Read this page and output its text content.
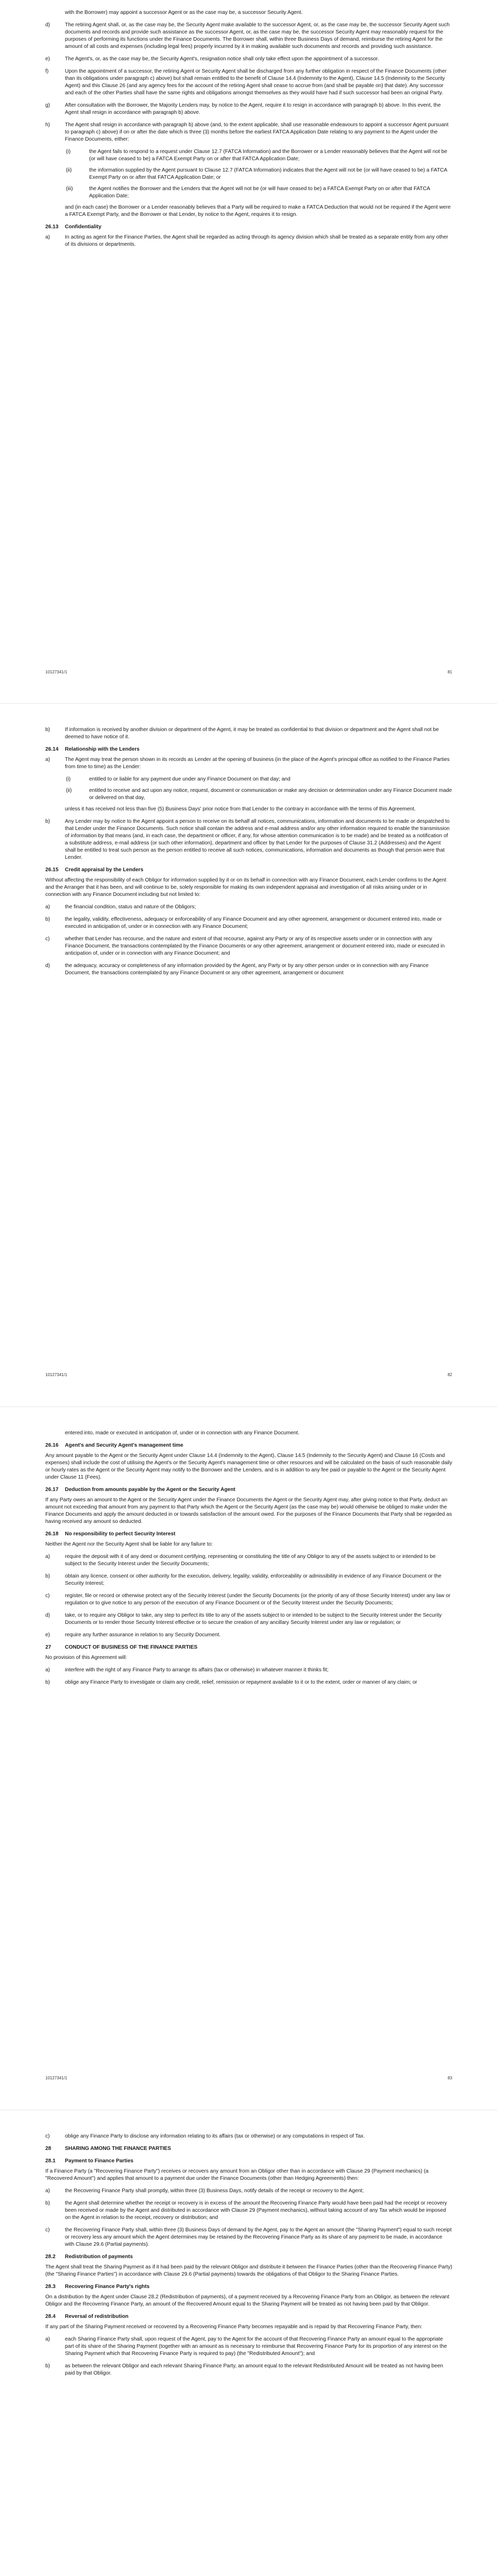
with the Borrower) may appoint a successor Agent or as the case may be, a successor Security Agent.
d)	The retiring Agent shall, or, as the case may be, the Security Agent make available to the successor Agent, or, as the case may be, the successor Security Agent such documents and records and provide such assistance as the successor Agent, or, as the case may be, the successor Security Agent may reasonably request for the purposes of performing its functions under the Finance Documents. The Borrower shall, within three Business Days of demand, reimburse the retiring Agent for the amount of all costs and expenses (including legal fees) properly incurred by it in making available such documents and records and providing such assistance.
e)	The Agent's, or, as the case may be, the Security Agent's, resignation notice shall only take effect upon the appointment of a successor.
f)	Upon the appointment of a successor, the retiring Agent or Security Agent shall be discharged from any further obligation in respect of the Finance Documents (other than its obligations under paragraph c) above) but shall remain entitled to the benefit of Clause 14.4 (Indemnity to the Agent), Clause 14.5 (Indemnity to the Security Agent) and this Clause 26 (and any agency fees for the account of the retiring Agent shall cease to accrue from (and shall be payable on) that date). Any successor and each of the other Parties shall have the same rights and obligations amongst themselves as they would have had if such successor had been an original Party.
g)	After consultation with the Borrower, the Majority Lenders may, by notice to the Agent, require it to resign in accordance with paragraph b) above. In this event, the Agent shall resign in accordance with paragraph b) above.
h)	The Agent shall resign in accordance with paragraph b) above (and, to the extent applicable, shall use reasonable endeavours to appoint a successor Agent pursuant to paragraph c) above) if on or after the date which is three (3) months before the earliest FATCA Application Date relating to any payment to the Agent under the Finance Documents, either:
(i)	the Agent fails to respond to a request under Clause 12.7 (FATCA Information) and the Borrower or a Lender reasonably believes that the Agent will not be (or will have ceased to be) a FATCA Exempt Party on or after that FATCA Application Date;
(ii)	the information supplied by the Agent pursuant to Clause 12.7 (FATCA Information) indicates that the Agent will not be (or will have ceased to be) a FATCA Exempt Party on or after that FATCA Application Date; or
(iii)	the Agent notifies the Borrower and the Lenders that the Agent will not be (or will have ceased to be) a FATCA Exempt Party on or after that FATCA Application Date;
and (in each case) the Borrower or a Lender reasonably believes that a Party will be required to make a FATCA Deduction that would not be required if the Agent were a FATCA Exempt Party, and the Borrower or that Lender, by notice to the Agent, requires it to resign.
26.13	Confidentiality
a)	In acting as agent for the Finance Parties, the Agent shall be regarded as acting through its agency division which shall be treated as a separate entity from any other of its divisions or departments.
10127341/1	81
b)	If information is received by another division or department of the Agent, it may be treated as confidential to that division or department and the Agent shall not be deemed to have notice of it.
26.14	Relationship with the Lenders
a)	The Agent may treat the person shown in its records as Lender at the opening of business (in the place of the Agent's principal office as notified to the Finance Parties from time to time) as the Lender:
(i)	entitled to or liable for any payment due under any Finance Document on that day; and
(ii)	entitled to receive and act upon any notice, request, document or communication or make any decision or determination under any Finance Document made or delivered on that day,
unless it has received not less than five (5) Business Days' prior notice from that Lender to the contrary in accordance with the terms of this Agreement.
b)	Any Lender may by notice to the Agent appoint a person to receive on its behalf all notices, communications, information and documents to be made or despatched to that Lender under the Finance Documents. Such notice shall contain the address and e-mail address and/or any other information required to enable the transmission of information by that means (and, in each case, the department or officer, if any, for whose attention communication is to be made) and be treated as a notification of a substitute address, e-mail address (or such other information), department and officer by that Lender for the purposes of Clause 31.2 (Addresses) and the Agent shall be entitled to treat such person as the person entitled to receive all such notices, communications, information and documents as though that person were that Lender.
26.15	Credit appraisal by the Lenders
Without affecting the responsibility of each Obligor for information supplied by it or on its behalf in connection with any Finance Document, each Lender confirms to the Agent and the Arranger that it has been, and will continue to be, solely responsible for making its own independent appraisal and investigation of all risks arising under or in connection with any Finance Document including but not limited to:
a)	the financial condition, status and nature of the Obligors;
b)	the legality, validity, effectiveness, adequacy or enforceability of any Finance Document and any other agreement, arrangement or document entered into, made or executed in anticipation of, under or in connection with any Finance Document;
c)	whether that Lender has recourse, and the nature and extent of that recourse, against any Party or any of its respective assets under or in connection with any Finance Document, the transactions contemplated by the Finance Documents or any other agreement, arrangement or document entered into, made or executed in anticipation of, under or in connection with any Finance Document; and
d)	the adequacy, accuracy or completeness of any information provided by the Agent, any Party or by any other person under or in connection with any Finance Document, the transactions contemplated by any Finance Document or any other agreement, arrangement or document
10127341/1	82
entered into, made or executed in anticipation of, under or in connection with any Finance Document.
26.16	Agent's and Security Agent's management time
Any amount payable to the Agent or the Security Agent under Clause 14.4 (Indemnity to the Agent), Clause 14.5 (Indemnity to the Security Agent) and Clause 16 (Costs and expenses) shall include the cost of utilising the Agent's or the Security Agent's management time or other resources and will be calculated on the basis of such reasonable daily or hourly rates as the Agent or the Security Agent may notify to the Borrower and the Lenders, and is in addition to any fee paid or payable to the Agent or the Security Agent under Clause 11 (Fees).
26.17	Deduction from amounts payable by the Agent or the Security Agent
If any Party owes an amount to the Agent or the Security Agent under the Finance Documents the Agent or the Security Agent may, after giving notice to that Party, deduct an amount not exceeding that amount from any payment to that Party which the Agent or the Security Agent (as the case may be) would otherwise be obliged to make under the Finance Documents and apply the amount deducted in or towards satisfaction of the amount owed. For the purposes of the Finance Documents that Party shall be regarded as having received any amount so deducted.
26.18	No responsibility to perfect Security Interest
Neither the Agent nor the Security Agent shall be liable for any failure to:
a)	require the deposit with it of any deed or document certifying, representing or constituting the title of any Obligor to any of the assets subject to or intended to be subject to the Security Interest under the Security Documents;
b)	obtain any licence, consent or other authority for the execution, delivery, legality, validity, enforceability or admissibility in evidence of any Finance Document or the Security Interest;
c)	register, file or record or otherwise protect any of the Security Interest (under the Security Documents (or the priority of any of those Security Interest) under any law or regulation or to give notice to any person of the execution of any Finance Document or of the Security Interest under the Security Documents;
d)	take, or to require any Obligor to take, any step to perfect its title to any of the assets subject to or intended to be subject to the Security Interest under the Security Documents or to render those Security Interest effective or to secure the creation of any ancillary Security Interest under any law or regulation; or
e)	require any further assurance in relation to any Security Document.
27	CONDUCT OF BUSINESS OF THE FINANCE PARTIES
No provision of this Agreement will:
a)	interfere with the right of any Finance Party to arrange its affairs (tax or otherwise) in whatever manner it thinks fit;
b)	oblige any Finance Party to investigate or claim any credit, relief, remission or repayment available to it or to the extent, order or manner of any claim; or
10127341/1	83
c)	oblige any Finance Party to disclose any information relating to its affairs (tax or otherwise) or any computations in respect of Tax.
28	SHARING AMONG THE FINANCE PARTIES
28.1	Payment to Finance Parties
If a Finance Party (a "Recovering Finance Party") receives or recovers any amount from an Obligor other than in accordance with Clause 29 (Payment mechanics) (a "Recovered Amount") and applies that amount to a payment due under the Finance Documents (other than Hedging Agreements) then:
a)	the Recovering Finance Party shall promptly, within three (3) Business Days, notify details of the receipt or recovery to the Agent;
b)	the Agent shall determine whether the receipt or recovery is in excess of the amount the Recovering Finance Party would have been paid had the receipt or recovery been received or made by the Agent and distributed in accordance with Clause 29 (Payment mechanics), without taking account of any Tax which would be imposed on the Agent in relation to the receipt, recovery or distribution; and
c)	the Recovering Finance Party shall, within three (3) Business Days of demand by the Agent, pay to the Agent an amount (the "Sharing Payment") equal to such receipt or recovery less any amount which the Agent determines may be retained by the Recovering Finance Party as its share of any payment to be made, in accordance with Clause 29.6 (Partial payments).
28.2	Redistribution of payments
The Agent shall treat the Sharing Payment as if it had been paid by the relevant Obligor and distribute it between the Finance Parties (other than the Recovering Finance Party) (the "Sharing Finance Parties") in accordance with Clause 29.6 (Partial payments) towards the obligations of that Obligor to the Sharing Finance Parties.
28.3	Recovering Finance Party's rights
On a distribution by the Agent under Clause 28.2 (Redistribution of payments), of a payment received by a Recovering Finance Party from an Obligor, as between the relevant Obligor and the Recovering Finance Party, an amount of the Recovered Amount equal to the Sharing Payment will be treated as not having been paid by that Obligor.
28.4	Reversal of redistribution
If any part of the Sharing Payment received or recovered by a Recovering Finance Party becomes repayable and is repaid by that Recovering Finance Party, then:
a)	each Sharing Finance Party shall, upon request of the Agent, pay to the Agent for the account of that Recovering Finance Party an amount equal to the appropriate part of its share of the Sharing Payment (together with an amount as is necessary to reimburse that Recovering Finance Party for its proportion of any interest on the Sharing Payment which that Recovering Finance Party is required to pay) (the "Redistributed Amount"); and
b)	as between the relevant Obligor and each relevant Sharing Finance Party, an amount equal to the relevant Redistributed Amount will be treated as not having been paid by that Obligor.
